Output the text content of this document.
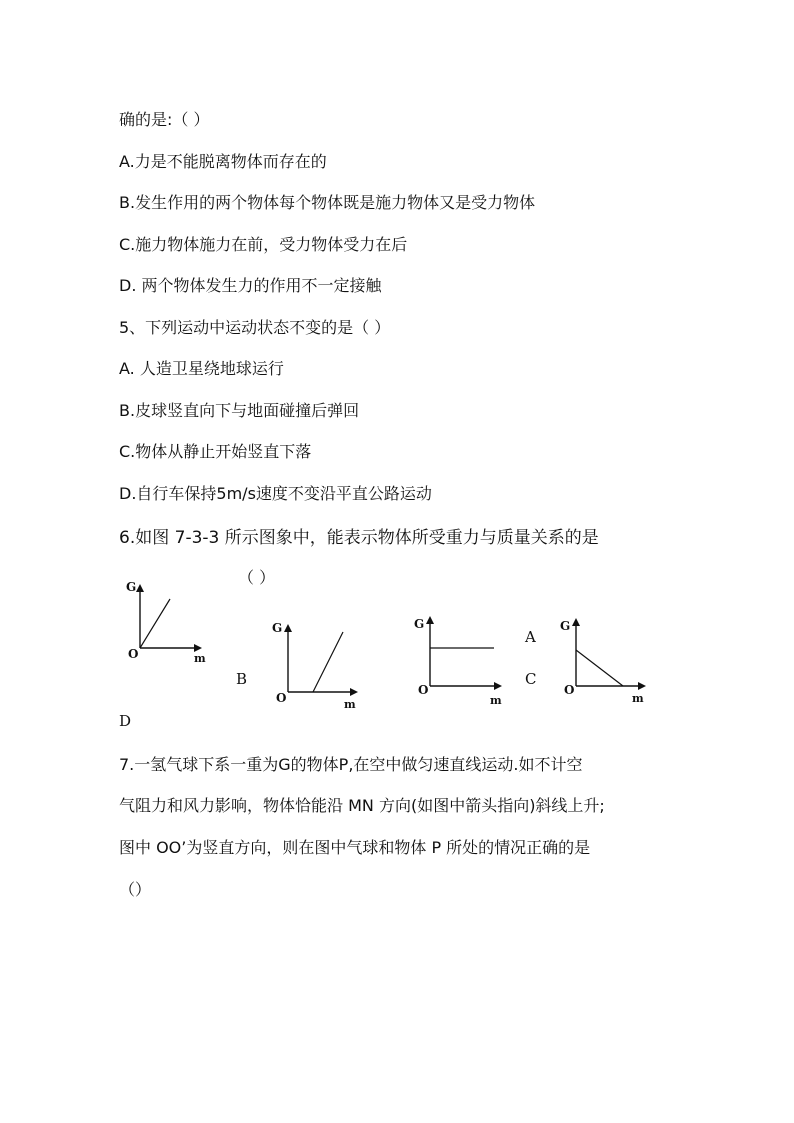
确的是:（ ）
A.力是不能脱离物体而存在的
B.发生作用的两个物体每个物体既是施力物体又是受力物体
C.施力物体施力在前，受力物体受力在后
D. 两个物体发生力的作用不一定接触
5、下列运动中运动状态不变的是（ ）
A. 人造卫星绕地球运行
B.皮球竖直向下与地面碰撞后弹回
C.物体从静止开始竖直下落
D.自行车保持5m/s速度不变沿平直公路运动
6.如图 7-3-3 所示图象中，能表示物体所受重力与质量关系的是
（ ）
G
O	m
G
O	m
G
O
m
G
O
m
A
B	C
D
7.一氢气球下系一重为G的物体P,在空中做匀速直线运动.如不计空
气阻力和风力影响，物体恰能沿 MN 方向(如图中箭头指向)斜线上升;
图中 OO’为竖直方向，则在图中气球和物体 P 所处的情况正确的是
（）
